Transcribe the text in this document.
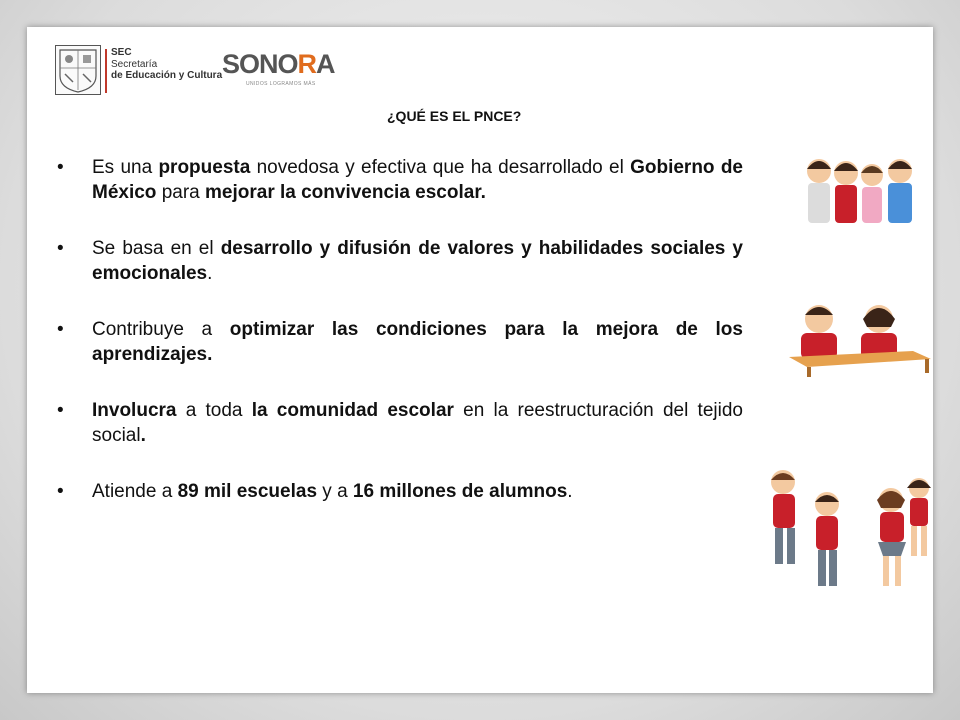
SEC
Secretaría
de Educación y Cultura SONORA
UNIDOS LOGRAMOS MÁS
¿QUÉ ES EL PNCE?
• Es una propuesta novedosa y efectiva que ha desarrollado el Gobierno de México para mejorar la convivencia escolar.
• Se basa en el desarrollo y difusión de valores y habilidades sociales y emocionales.
• Contribuye a optimizar las condiciones para la mejora de los aprendizajes.
• Involucra a toda la comunidad escolar en la reestructuración del tejido social.
• Atiende a 89 mil escuelas y a 16 millones de alumnos.
